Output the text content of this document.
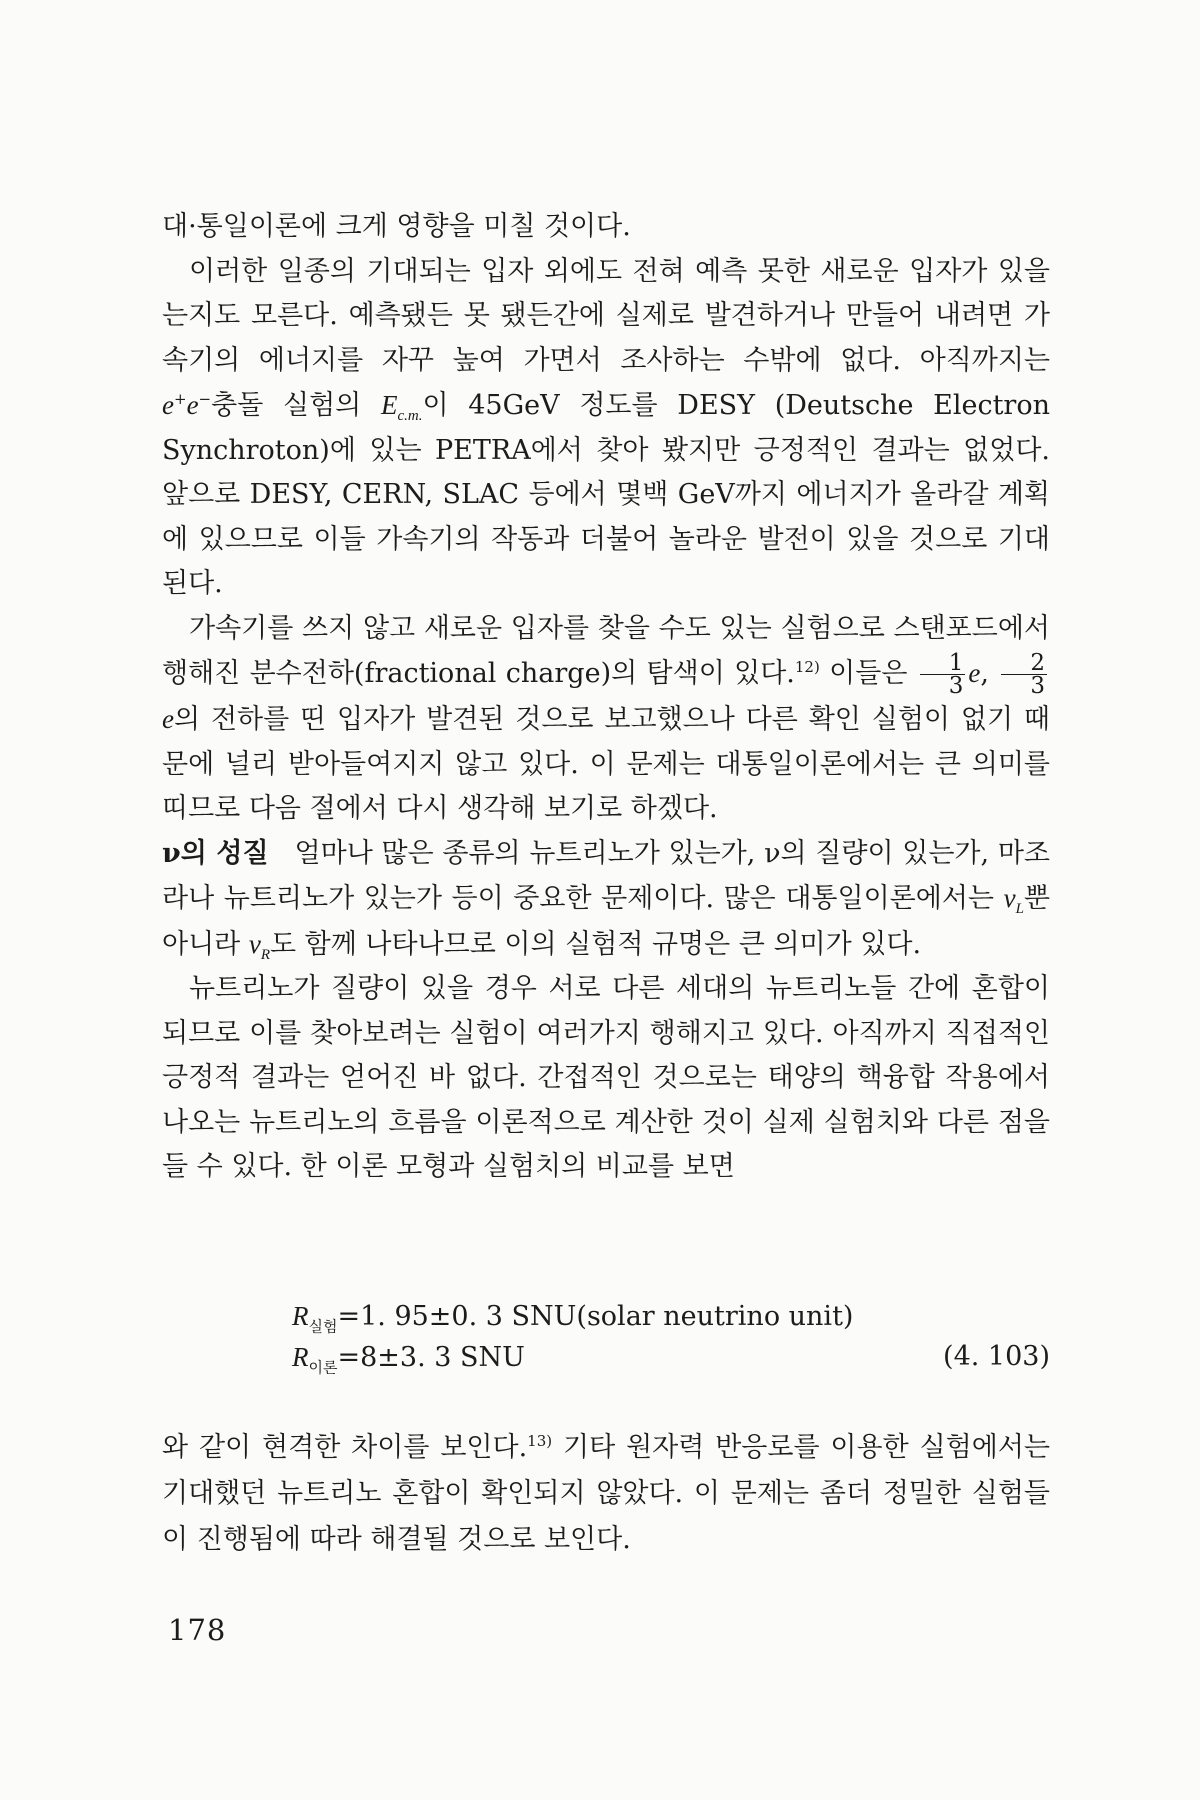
대·통일이론에 크게 영향을 미칠 것이다.

이러한 일종의 기대되는 입자 외에도 전혀 예측 못한 새로운 입자가 있을는지도 모른다. 예측됐든 못 됐든간에 실제로 발견하거나 만들어 내려면 가속기의 에너지를 자꾸 높여 가면서 조사하는 수밖에 없다. 아직까지는 e+e−충돌 실험의 $E_{c.m.}$이 45GeV 정도를 DESY (Deutsche Electron Synchroton)에 있는 PETRA에서 찾아 봤지만 긍정적인 결과는 없었다. 앞으로 DESY, CERN, SLAC 등에서 몇백 GeV까지 에너지가 올라갈 계획에 있으므로 이들 가속기의 작동과 더불어 놀라운 발전이 있을 것으로 기대된다.

가속기를 쓰지 않고 새로운 입자를 찾을 수도 있는 실험으로 스탠포드에서 행해진 분수전하(fractional charge)의 탐색이 있다.$^{12)}$ 이들은 $\frac{1}{3} e$, $\frac{2}{3}$
e의 전하를 띤 입자가 발견된 것으로 보고했으나 다른 확인 실험이 없기 때문에 널리 받아들여지지 않고 있다. 이 문제는 대통일이론에서는 큰 의미를 띠므로 다음 절에서 다시 생각해 보기로 하겠다.

ν의 성질 얼마나 많은 종류의 뉴트리노가 있는가, ν의 질량이 있는가, 마조라나 뉴트리노가 있는가 등이 중요한 문제이다. 많은 대통일이론에서는 $\nu_L$뿐 아니라 $\nu_R$도 함께 나타나므로 이의 실험적 규명은 큰 의미가 있다.

뉴트리노가 질량이 있을 경우 서로 다른 세대의 뉴트리노들 간에 혼합이 되므로 이를 찾아보려는 실험이 여러가지 행해지고 있다. 아직까지 직접적인 긍정적 결과는 얻어진 바 없다. 간접적인 것으로는 태양의 핵융합 작용에서 나오는 뉴트리노의 흐름을 이론적으로 계산한 것이 실제 실험치와 다른 점을 들 수 있다. 한 이론 모형과 실험치의 비교를 보면

$R_{실험}=1$. 95±0. 3 SNU(solar neutrino unit)
$R_{이론}=8\pm 3$. 3 SNU	(4. 103)
와 같이 현격한 차이를 보인다.$^{13)}$ 기타 원자력 반응로를 이용한 실험에서는 기대했던 뉴트리노 혼합이 확인되지 않았다. 이 문제는 좀더 정밀한 실험들이 진행됨에 따라 해결될 것으로 보인다.
178
